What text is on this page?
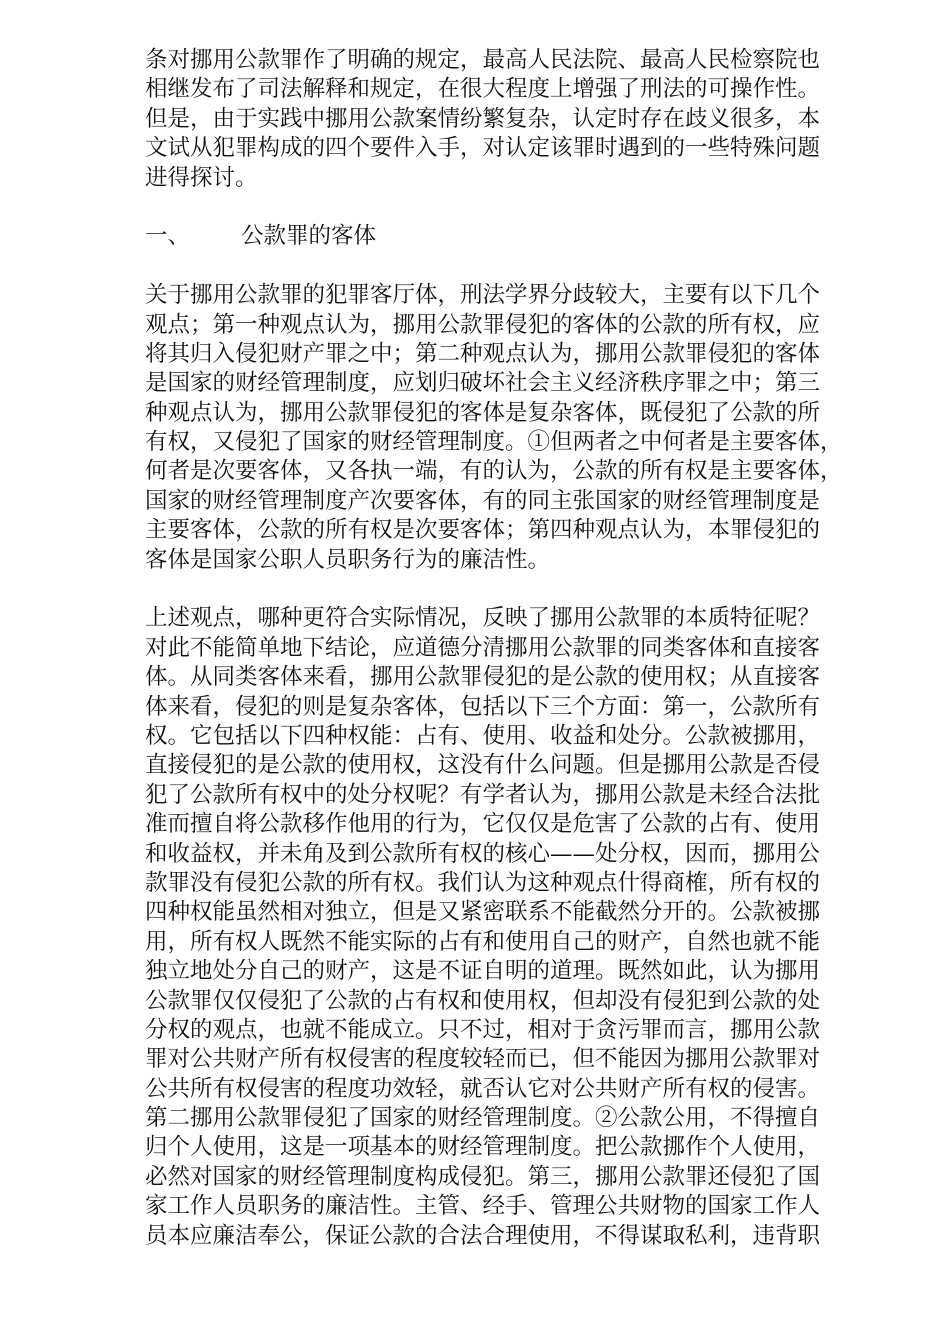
条对挪用公款罪作了明确的规定，最高人民法院、最高人民检察院也
相继发布了司法解释和规定，在很大程度上增强了刑法的可操作性。
但是，由于实践中挪用公款案情纷繁复杂，认定时存在歧义很多，本
文试从犯罪构成的四个要件入手，对认定该罪时遇到的一些特殊问题
进得探讨。
一、	公款罪的客体
关于挪用公款罪的犯罪客厅体，刑法学界分歧较大，主要有以下几个
观点；第一种观点认为，挪用公款罪侵犯的客体的公款的所有权，应
将其归入侵犯财产罪之中；第二种观点认为，挪用公款罪侵犯的客体
是国家的财经管理制度，应划归破坏社会主义经济秩序罪之中；第三
种观点认为，挪用公款罪侵犯的客体是复杂客体，既侵犯了公款的所
有权，又侵犯了国家的财经管理制度。①但两者之中何者是主要客体，
何者是次要客体，又各执一端，有的认为，公款的所有权是主要客体，
国家的财经管理制度产次要客体，有的同主张国家的财经管理制度是
主要客体，公款的所有权是次要客体；第四种观点认为，本罪侵犯的
客体是国家公职人员职务行为的廉洁性。
上述观点，哪种更符合实际情况，反映了挪用公款罪的本质特征呢？
对此不能简单地下结论，应道德分清挪用公款罪的同类客体和直接客
体。从同类客体来看，挪用公款罪侵犯的是公款的使用权；从直接客
体来看，侵犯的则是复杂客体，包括以下三个方面：第一，公款所有
权。它包括以下四种权能：占有、使用、收益和处分。公款被挪用，
直接侵犯的是公款的使用权，这没有什么问题。但是挪用公款是否侵
犯了公款所有权中的处分权呢？有学者认为，挪用公款是未经合法批
准而擅自将公款移作他用的行为，它仅仅是危害了公款的占有、使用
和收益权，并未角及到公款所有权的核心——处分权，因而，挪用公
款罪没有侵犯公款的所有权。我们认为这种观点什得商榷，所有权的
四种权能虽然相对独立，但是又紧密联系不能截然分开的。公款被挪
用，所有权人既然不能实际的占有和使用自己的财产，自然也就不能
独立地处分自己的财产，这是不证自明的道理。既然如此，认为挪用
公款罪仅仅侵犯了公款的占有权和使用权，但却没有侵犯到公款的处
分权的观点，也就不能成立。只不过，相对于贪污罪而言，挪用公款
罪对公共财产所有权侵害的程度较轻而已，但不能因为挪用公款罪对
公共所有权侵害的程度功效轻，就否认它对公共财产所有权的侵害。
第二挪用公款罪侵犯了国家的财经管理制度。②公款公用，不得擅自
归个人使用，这是一项基本的财经管理制度。把公款挪作个人使用，
必然对国家的财经管理制度构成侵犯。第三，挪用公款罪还侵犯了国
家工作人员职务的廉洁性。主管、经手、管理公共财物的国家工作人
员本应廉洁奉公，保证公款的合法合理使用，不得谋取私利，违背职
